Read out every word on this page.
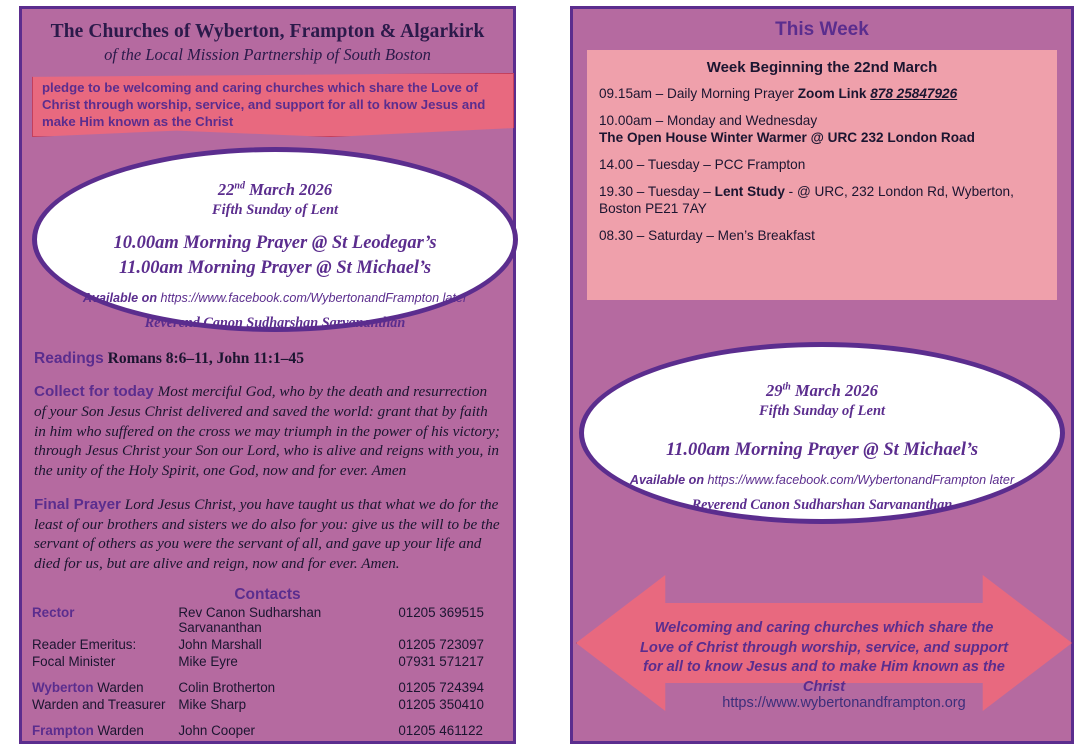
The Churches of Wyberton, Frampton & Algarkirk
of the Local Mission Partnership of South Boston
pledge to be welcoming and caring churches which share the Love of Christ through worship, service, and support for all to know Jesus and make Him known as the Christ
22nd March 2026
Fifth Sunday of Lent
10.00am Morning Prayer @ St Leodegar’s
11.00am Morning Prayer @ St Michael’s
Available on https://www.facebook.com/WybertonandFrampton later
Reverend Canon Sudharshan Sarvananthan
Readings Romans 8:6–11, John 11:1–45
Collect for today Most merciful God, who by the death and resurrection of your Son Jesus Christ delivered and saved the world: grant that by faith in him who suffered on the cross we may triumph in the power of his victory; through Jesus Christ your Son our Lord, who is alive and reigns with you, in the unity of the Holy Spirit, one God, now and for ever. Amen
Final Prayer Lord Jesus Christ, you have taught us that what we do for the least of our brothers and sisters we do also for you: give us the will to be the servant of others as you were the servant of all, and gave up your life and died for us, but are alive and reign, now and for ever. Amen.
Contacts
Rector	Rev Canon Sudharshan Sarvananthan	01205 369515
Reader Emeritus:	John Marshall	01205 723097
Focal Minister	Mike Eyre	07931 571217

Wyberton Warden	Colin Brotherton	01205 724394
Warden and Treasurer	Mike Sharp	01205 350410

Frampton Warden	John Cooper	01205 461122
This Week
Week Beginning the 22nd March
09.15am – Daily Morning Prayer Zoom Link 878 25847926
10.00am – Monday and Wednesday
The Open House Winter Warmer @ URC 232 London Road
14.00 – Tuesday – PCC Frampton
19.30 – Tuesday – Lent Study - @ URC, 232 London Rd, Wyberton, Boston PE21 7AY
08.30 – Saturday – Men’s Breakfast
29th March 2026
Fifth Sunday of Lent
11.00am Morning Prayer @ St Michael’s
Available on https://www.facebook.com/WybertonandFrampton later
Reverend Canon Sudharshan Sarvananthan
Welcoming and caring churches which share the
Love of Christ through worship, service, and support
for all to know Jesus and to make Him known as the Christ
https://www.wybertonandframpton.org
